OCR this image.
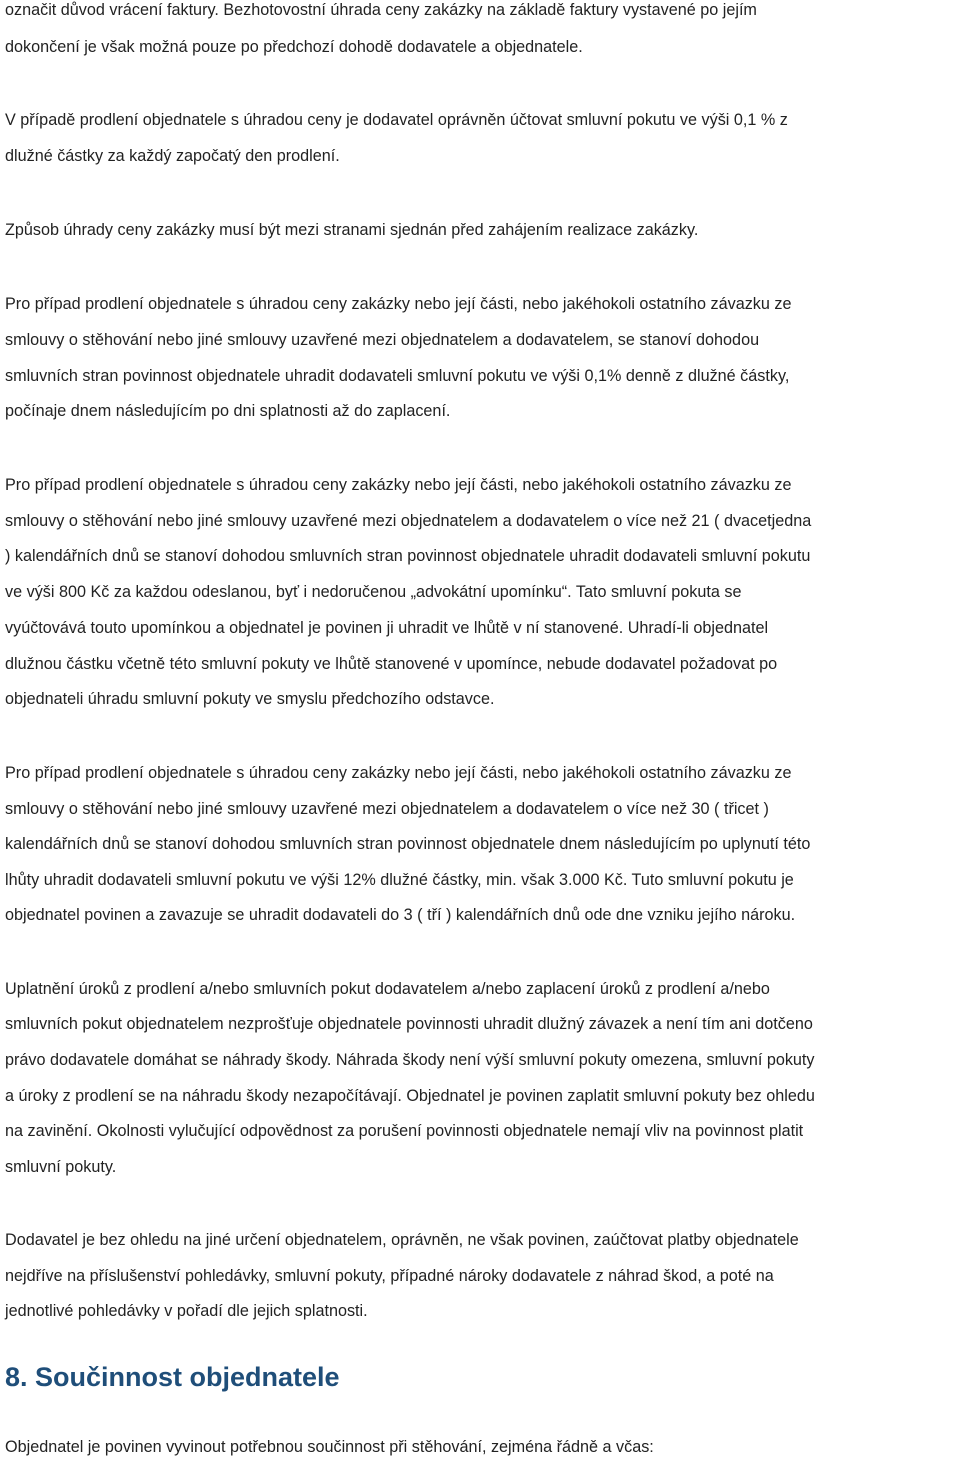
označit důvod vrácení faktury. Bezhotovostní úhrada ceny zakázky na základě faktury vystavené po jejím

dokončení je však možná pouze po předchozí dohodě dodavatele a objednatele.

V případě prodlení objednatele s úhradou ceny je dodavatel oprávněn účtovat smluvní pokutu ve výši 0,1 % z

dlužné částky za každý započatý den prodlení.

Způsob úhrady ceny zakázky musí být mezi stranami sjednán před zahájením realizace zakázky.

Pro případ prodlení objednatele s úhradou ceny zakázky nebo její části, nebo jakéhokoli ostatního závazku ze

smlouvy o stěhování nebo jiné smlouvy uzavřené mezi objednatelem a dodavatelem, se stanoví dohodou

smluvních stran povinnost objednatele uhradit dodavateli smluvní pokutu ve výši 0,1% denně z dlužné částky,

počínaje dnem následujícím po dni splatnosti až do zaplacení.

Pro případ prodlení objednatele s úhradou ceny zakázky nebo její části, nebo jakéhokoli ostatního závazku ze

smlouvy o stěhování nebo jiné smlouvy uzavřené mezi objednatelem a dodavatelem o více než 21 ( dvacetjedna

) kalendářních dnů se stanoví dohodou smluvních stran povinnost objednatele uhradit dodavateli smluvní pokutu

ve výši 800 Kč za každou odeslanou, byť i nedoručenou „advokátní upomínku“. Tato smluvní pokuta se

vyúčtovává touto upomínkou a objednatel je povinen ji uhradit ve lhůtě v ní stanovené. Uhradí-li objednatel

dlužnou částku včetně této smluvní pokuty ve lhůtě stanovené v upomínce, nebude dodavatel požadovat po

objednateli úhradu smluvní pokuty ve smyslu předchozího odstavce.

Pro případ prodlení objednatele s úhradou ceny zakázky nebo její části, nebo jakéhokoli ostatního závazku ze

smlouvy o stěhování nebo jiné smlouvy uzavřené mezi objednatelem a dodavatelem o více než 30 ( třicet )

kalendářních dnů se stanoví dohodou smluvních stran povinnost objednatele dnem následujícím po uplynutí této

lhůty uhradit dodavateli smluvní pokutu ve výši 12% dlužné částky, min. však 3.000 Kč. Tuto smluvní pokutu je

objednatel povinen a zavazuje se uhradit dodavateli do 3 ( tří ) kalendářních dnů ode dne vzniku jejího nároku.

Uplatnění úroků z prodlení a/nebo smluvních pokut dodavatelem a/nebo zaplacení úroků z prodlení a/nebo

smluvních pokut objednatelem nezprošťuje objednatele povinnosti uhradit dlužný závazek a není tím ani dotčeno

právo dodavatele domáhat se náhrady škody. Náhrada škody není výší smluvní pokuty omezena, smluvní pokuty

a úroky z prodlení se na náhradu škody nezapočítávají. Objednatel je povinen zaplatit smluvní pokuty bez ohledu

na zavinění. Okolnosti vylučující odpovědnost za porušení povinnosti objednatele nemají vliv na povinnost platit

smluvní pokuty.

Dodavatel je bez ohledu na jiné určení objednatelem, oprávněn, ne však povinen, zaúčtovat platby objednatele

nejdříve na příslušenství pohledávky, smluvní pokuty, případné nároky dodavatele z náhrad škod, a poté na

jednotlivé pohledávky v pořadí dle jejich splatnosti.

8. Součinnost objednatele

Objednatel je povinen vyvinout potřebnou součinnost při stěhování, zejména řádně a včas:
